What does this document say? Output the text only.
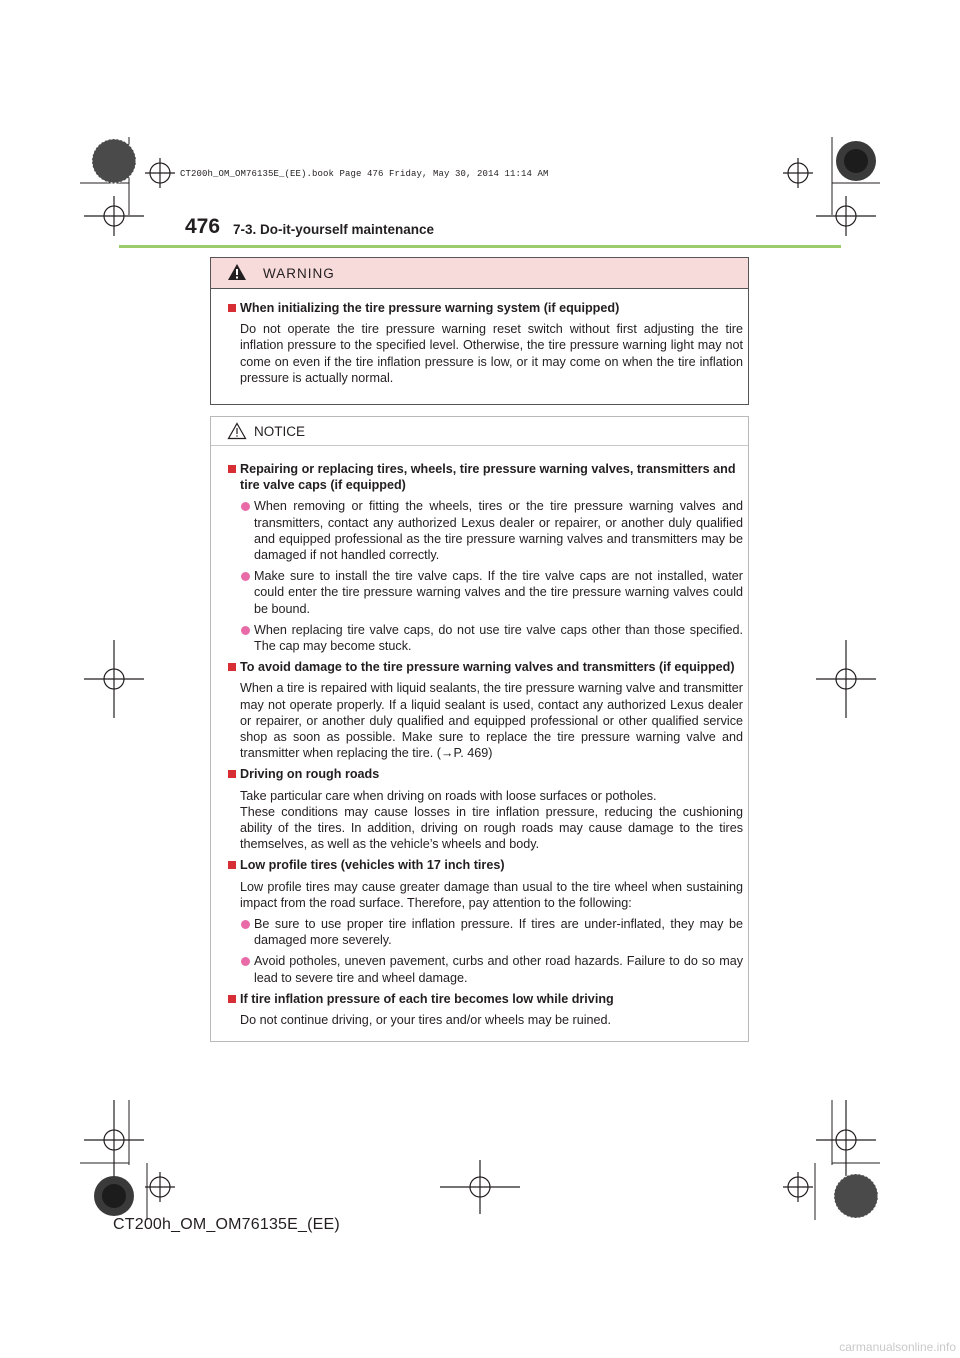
CT200h_OM_OM76135E_(EE).book Page 476 Friday, May 30, 2014 11:14 AM
476 7-3. Do-it-yourself maintenance
WARNING
When initializing the tire pressure warning system (if equipped)
Do not operate the tire pressure warning reset switch without first adjusting the tire inflation pressure to the specified level. Otherwise, the tire pressure warning light may not come on even if the tire inflation pressure is low, or it may come on when the tire inflation pressure is actually normal.
NOTICE
Repairing or replacing tires, wheels, tire pressure warning valves, transmitters and tire valve caps (if equipped)
When removing or fitting the wheels, tires or the tire pressure warning valves and transmitters, contact any authorized Lexus dealer or repairer, or another duly qualified and equipped professional as the tire pressure warning valves and transmitters may be damaged if not handled correctly.
Make sure to install the tire valve caps. If the tire valve caps are not installed, water could enter the tire pressure warning valves and the tire pressure warning valves could be bound.
When replacing tire valve caps, do not use tire valve caps other than those specified. The cap may become stuck.
To avoid damage to the tire pressure warning valves and transmitters (if equipped)
When a tire is repaired with liquid sealants, the tire pressure warning valve and transmitter may not operate properly. If a liquid sealant is used, contact any authorized Lexus dealer or repairer, or another duly qualified and equipped professional or other qualified service shop as soon as possible. Make sure to replace the tire pressure warning valve and transmitter when replacing the tire. (→P. 469)
Driving on rough roads
Take particular care when driving on roads with loose surfaces or potholes.
These conditions may cause losses in tire inflation pressure, reducing the cushioning ability of the tires. In addition, driving on rough roads may cause damage to the tires themselves, as well as the vehicle’s wheels and body.
Low profile tires (vehicles with 17 inch tires)
Low profile tires may cause greater damage than usual to the tire wheel when sustaining impact from the road surface. Therefore, pay attention to the following:
Be sure to use proper tire inflation pressure. If tires are under-inflated, they may be damaged more severely.
Avoid potholes, uneven pavement, curbs and other road hazards. Failure to do so may lead to severe tire and wheel damage.
If tire inflation pressure of each tire becomes low while driving
Do not continue driving, or your tires and/or wheels may be ruined.
CT200h_OM_OM76135E_(EE)
carmanualsonline.info
